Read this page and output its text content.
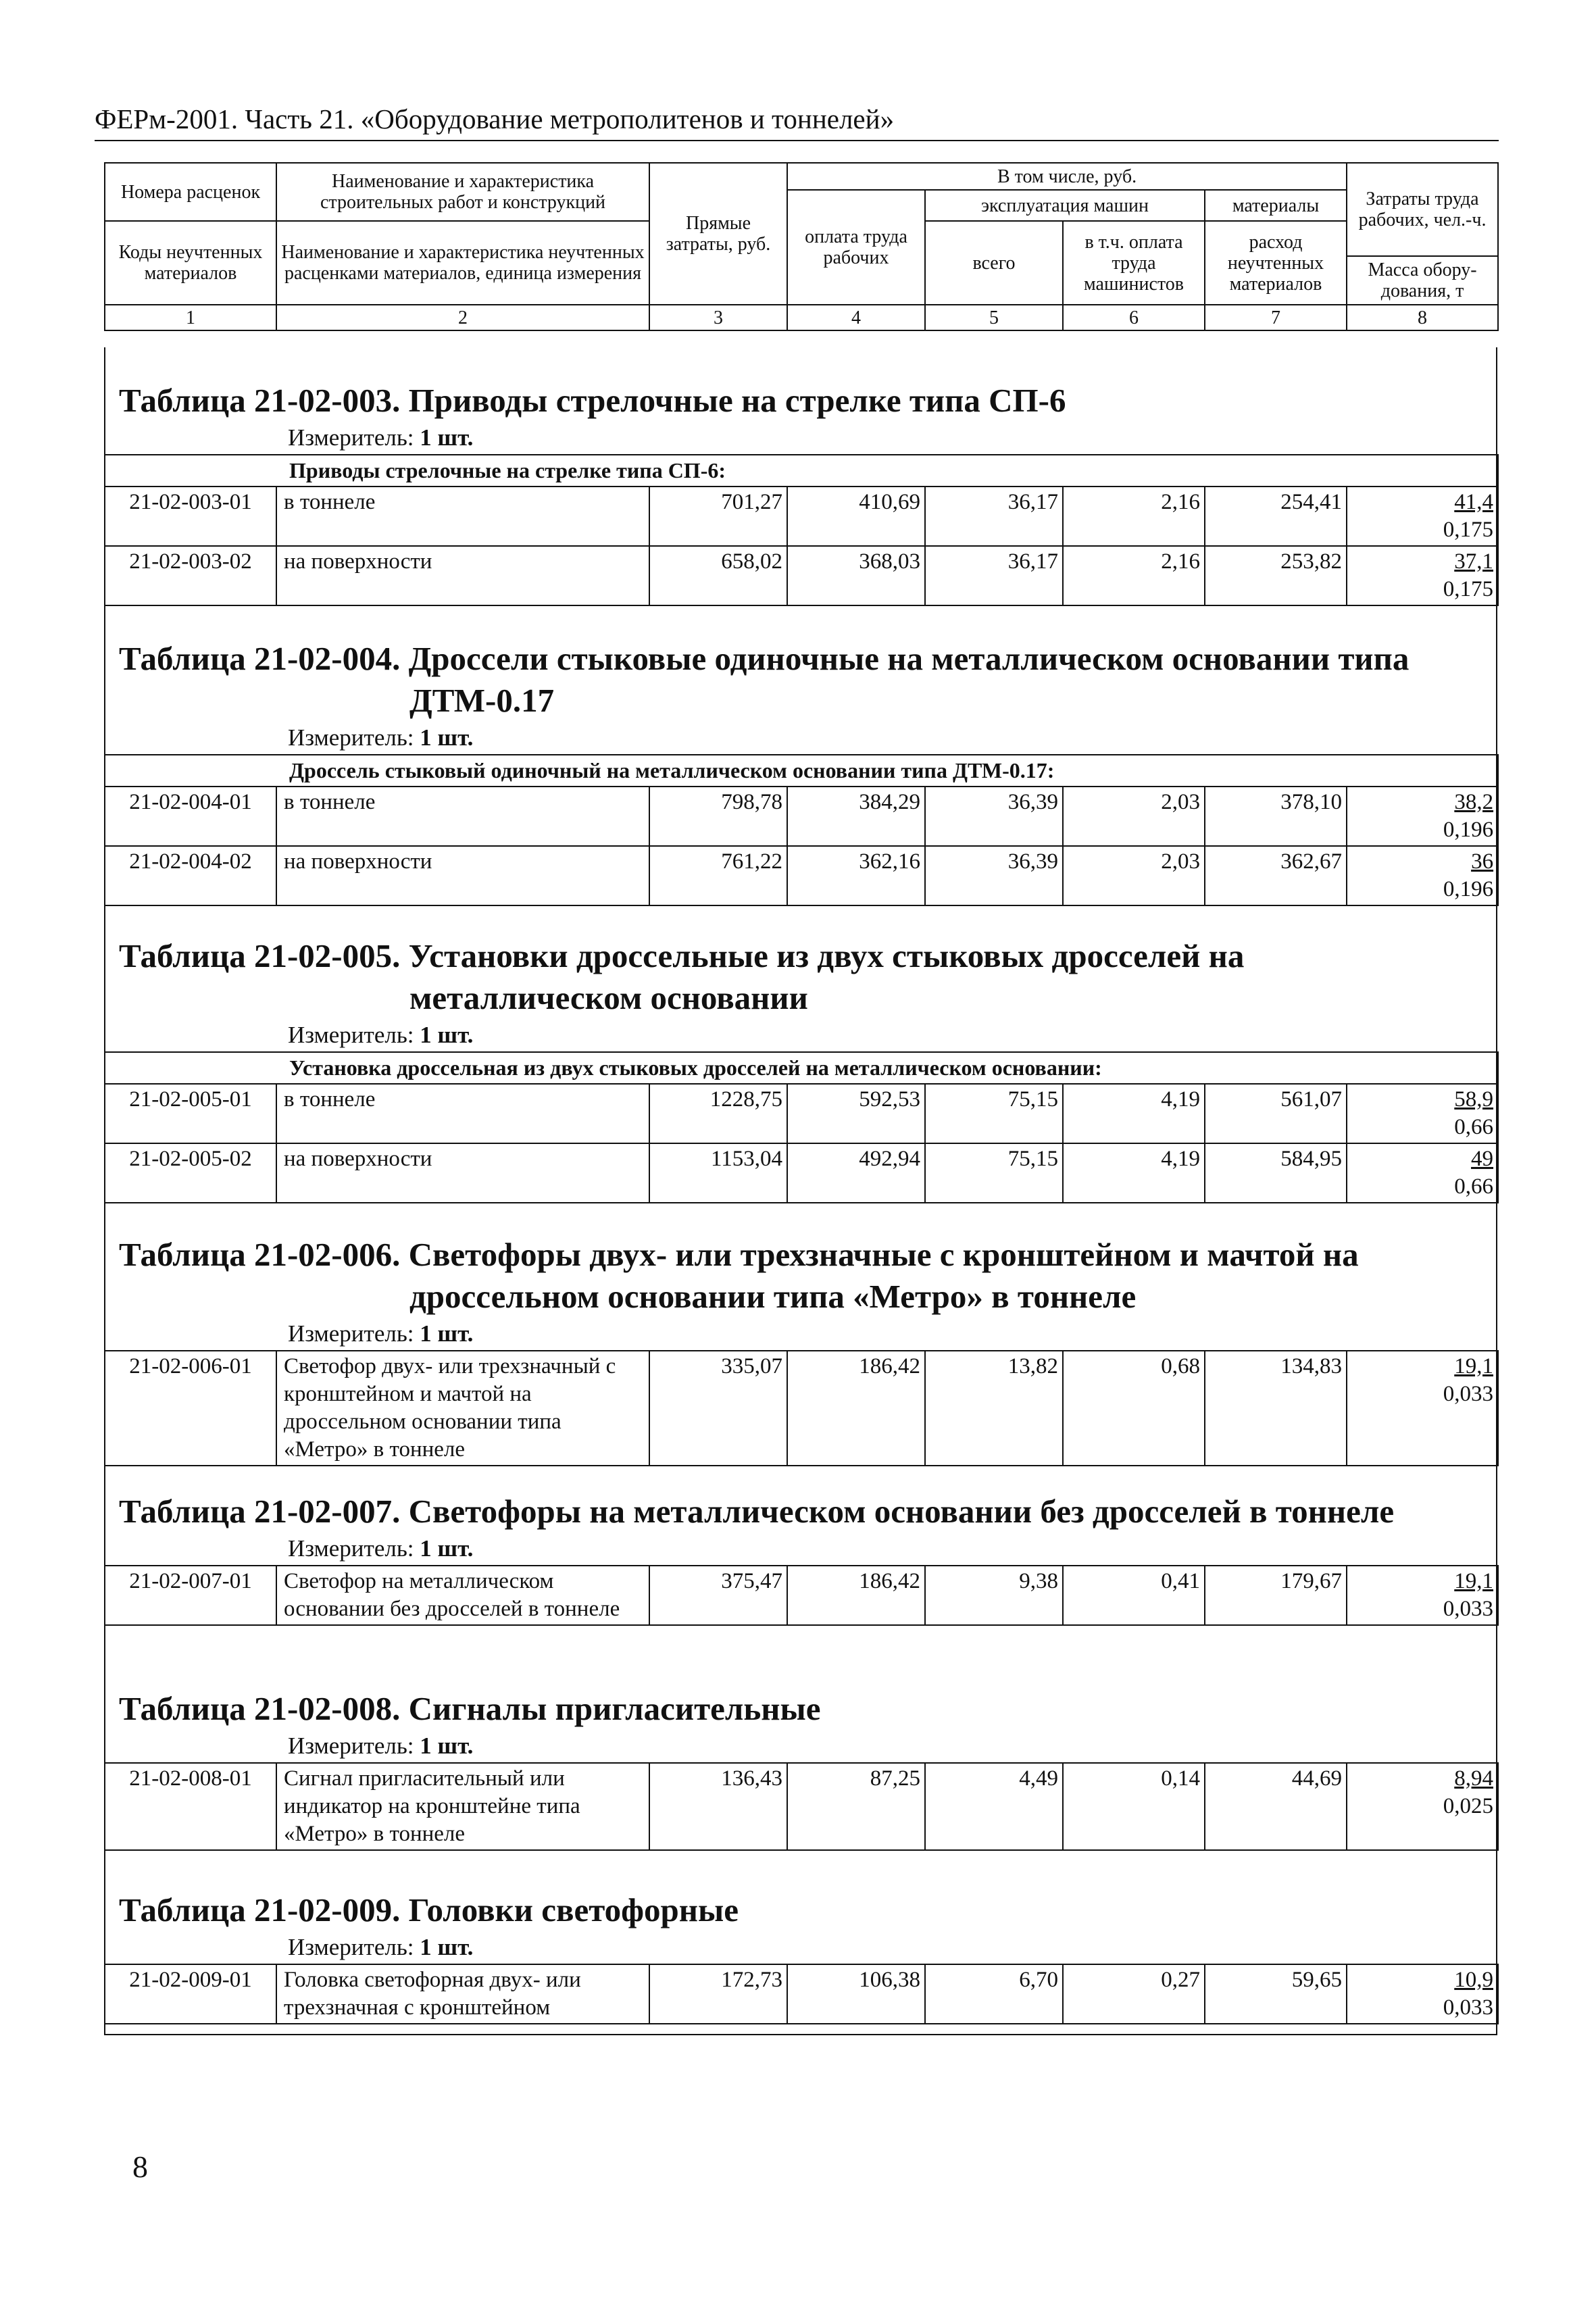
ФЕРм-2001. Часть 21. «Оборудование метрополитенов и тоннелей»
Номера расценок	Наименование и характеристика строительных работ и конструкций	Прямые затраты, руб.	В том числе, руб.				Затраты труда рабочих, чел.-ч.
			оплата труда рабочих	эксплуатация машин		материалы	
Коды неучтенных материалов	Наименование и характеристика неучтенных расценками материалов, единица измерения			всего	в т.ч. оплата труда машинистов	расход неучтенных материалов	
							Масса обору-дования, т
1	2	3	4	5	6	7	8
Таблица 21-02-003. Приводы стрелочные на стрелке типа СП-6
Измеритель: 1 шт.
Приводы стрелочные на стрелке типа СП-6:							
21-02-003-01	в тоннеле	701,27	410,69	36,17	2,16	254,41	41,4
0,175

21-02-003-02	на поверхности	658,02	368,03	36,17	2,16	253,82	37,1
0,175
Таблица 21-02-004. Дроссели стыковые одиночные на металлическом основании типа
ДТМ-0.17
Измеритель: 1 шт.
Дроссель стыковый одиночный на металлическом основании типа ДТМ-0.17:							
21-02-004-01	в тоннеле	798,78	384,29	36,39	2,03	378,10	38,2
0,196

21-02-004-02	на поверхности	761,22	362,16	36,39	2,03	362,67	36
0,196
Таблица 21-02-005. Установки дроссельные из двух стыковых дросселей на
металлическом основании
Измеритель: 1 шт.
Установка дроссельная из двух стыковых дросселей на металлическом основании:							
21-02-005-01	в тоннеле	1228,75	592,53	75,15	4,19	561,07	58,9
0,66

21-02-005-02	на поверхности	1153,04	492,94	75,15	4,19	584,95	49
0,66
Таблица 21-02-006. Светофоры двух- или трехзначные с кронштейном и мачтой на
дроссельном основании типа «Метро» в тоннеле
Измеритель: 1 шт.
21-02-006-01	Светофор двух- или трехзначный с кронштейном и мачтой на дроссельном основании типа «Метро» в тоннеле	335,07	186,42	13,82	0,68	134,83	19,1
0,033
Таблица 21-02-007. Светофоры на металлическом основании без дросселей в тоннеле
Измеритель: 1 шт.
21-02-007-01	Светофор на металлическом основании без дросселей в тоннеле	375,47	186,42	9,38	0,41	179,67	19,1
0,033
Таблица 21-02-008. Сигналы пригласительные
Измеритель: 1 шт.
21-02-008-01	Сигнал пригласительный или индикатор на кронштейне типа «Метро» в тоннеле	136,43	87,25	4,49	0,14	44,69	8,94
0,025
Таблица 21-02-009. Головки светофорные
Измеритель: 1 шт.
21-02-009-01	Головка светофорная двух- или трехзначная с кронштейном	172,73	106,38	6,70	0,27	59,65	10,9
0,033
8
